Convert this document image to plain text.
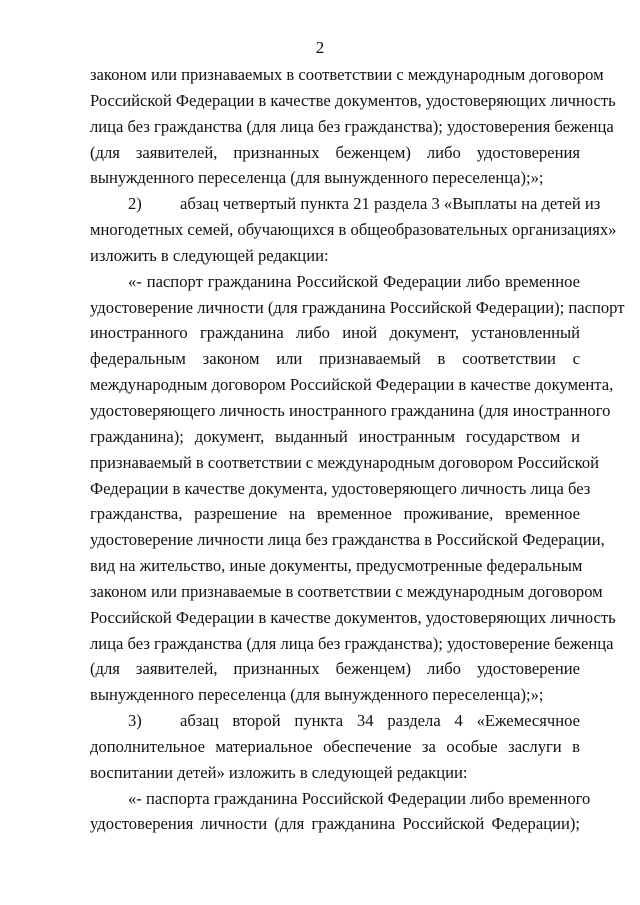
2
законом или признаваемых в соответствии с международным договором
Российской Федерации в качестве документов, удостоверяющих личность
лица без гражданства (для лица без гражданства); удостоверения беженца
(для заявителей, признанных беженцем) либо удостоверения
вынужденного переселенца (для вынужденного переселенца);»;
2) абзац четвертый пункта 21 раздела 3 «Выплаты на детей из
многодетных семей, обучающихся в общеобразовательных организациях»
изложить в следующей редакции:
«- паспорт гражданина Российской Федерации либо временное
удостоверение личности (для гражданина Российской Федерации); паспорт
иностранного гражданина либо иной документ, установленный
федеральным законом или признаваемый в соответствии с
международным договором Российской Федерации в качестве документа,
удостоверяющего личность иностранного гражданина (для иностранного
гражданина); документ, выданный иностранным государством и
признаваемый в соответствии с международным договором Российской
Федерации в качестве документа, удостоверяющего личность лица без
гражданства, разрешение на временное проживание, временное
удостоверение личности лица без гражданства в Российской Федерации,
вид на жительство, иные документы, предусмотренные федеральным
законом или признаваемые в соответствии с международным договором
Российской Федерации в качестве документов, удостоверяющих личность
лица без гражданства (для лица без гражданства); удостоверение беженца
(для заявителей, признанных беженцем) либо удостоверение
вынужденного переселенца (для вынужденного переселенца);»;
3) абзац второй пункта 34 раздела 4 «Ежемесячное
дополнительное материальное обеспечение за особые заслуги в
воспитании детей» изложить в следующей редакции:
«- паспорта гражданина Российской Федерации либо временного
удостоверения личности (для гражданина Российской Федерации);
